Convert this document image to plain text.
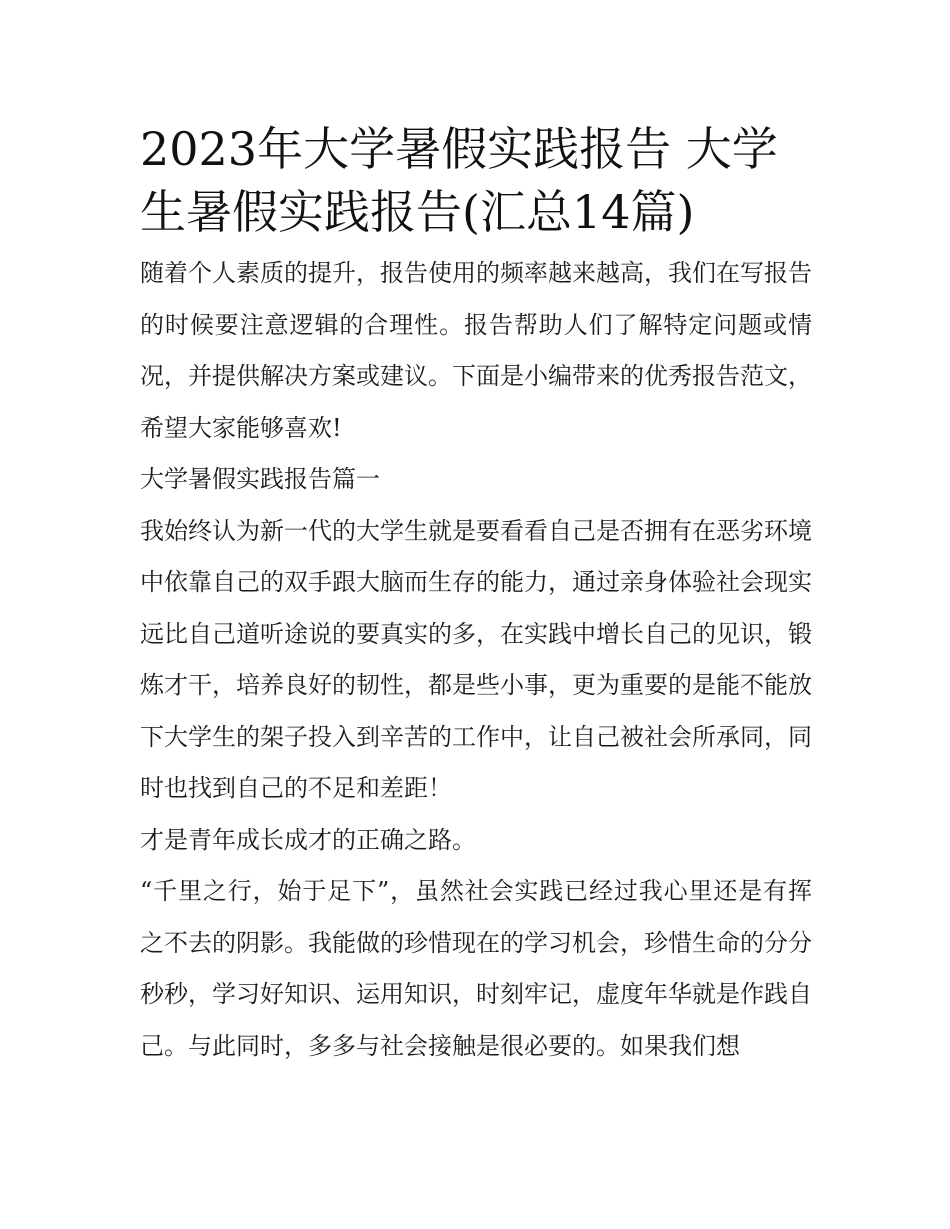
2023年大学暑假实践报告 大学生暑假实践报告(汇总14篇)

随着个人素质的提升，报告使用的频率越来越高，我们在写报告的时候要注意逻辑的合理性。报告帮助人们了解特定问题或情况，并提供解决方案或建议。下面是小编带来的优秀报告范文，希望大家能够喜欢!

大学暑假实践报告篇一

我始终认为新一代的大学生就是要看看自己是否拥有在恶劣环境中依靠自己的双手跟大脑而生存的能力，通过亲身体验社会现实远比自己道听途说的要真实的多，在实践中增长自己的见识，锻炼才干，培养良好的韧性，都是些小事，更为重要的是能不能放下大学生的架子投入到辛苦的工作中，让自己被社会所承同，同时也找到自己的不足和差距！

才是青年成长成才的正确之路。

“千里之行，始于足下”，虽然社会实践已经过我心里还是有挥之不去的阴影。我能做的珍惜现在的学习机会，珍惜生命的分分秒秒，学习好知识、运用知识，时刻牢记，虚度年华就是作践自己。与此同时，多多与社会接触是很必要的。如果我们想
